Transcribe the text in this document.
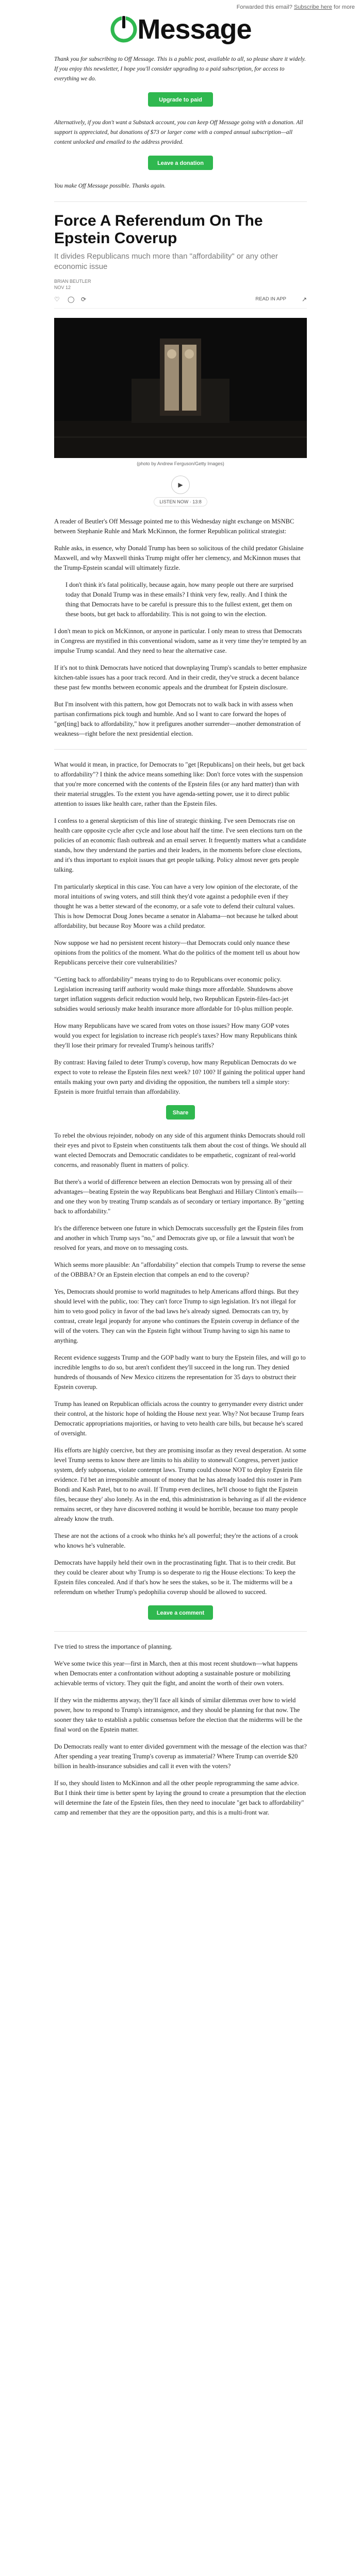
Forwarded this email? Subscribe here for more
Message

Thank you for subscribing to Off Message. This is a public post, available to all, so please share it widely. If you enjoy this newsletter, I hope you'll consider upgrading to a paid subscription, for access to everything we do.

Upgrade to paid

Alternatively, if you don't want a Substack account, you can keep Off Message going with a donation. All support is appreciated, but donations of $73 or larger come with a comped annual subscription—all content unlocked and emailed to the address provided.

Leave a donation

You make Off Message possible. Thanks again.

Force A Referendum On The Epstein Coverup
It divides Republicans much more than "affordability" or any other economic issue
BRIAN BEUTLER
NOV 12
♡ ◯ ⟳	READ IN APP ↗
(photo by Andrew Ferguson/Getty Images)
▶
LISTEN NOW · 13:8

A reader of Beutler's Off Message pointed me to this Wednesday night exchange on MSNBC between Stephanie Ruhle and Mark McKinnon, the former Republican political strategist:

Ruhle asks, in essence, why Donald Trump has been so solicitous of the child predator Ghislaine Maxwell, and why Maxwell thinks Trump might offer her clemency, and McKinnon muses that the Trump-Epstein scandal will ultimately fizzle.

I don't think it's fatal politically, because again, how many people out there are surprised today that Donald Trump was in these emails? I think very few, really. And I think the thing that Democrats have to be careful is pressure this to the fullest extent, get them on these boots, but get back to affordability. This is not going to win the election.

I don't mean to pick on McKinnon, or anyone in particular. I only mean to stress that Democrats in Congress are mystified in this conventional wisdom, same as it very time they're tempted by an impulse Trump scandal. And they need to hear the alternative case.

If it's not to think Democrats have noticed that downplaying Trump's scandals to better emphasize kitchen-table issues has a poor track record. And in their credit, they've struck a decent balance these past few months between economic appeals and the drumbeat for Epstein disclosure.

But I'm insolvent with this pattern, how got Democrats not to walk back in with assess when partisan confirmations pick tough and humble. And so I want to care forward the hopes of "get[ting] back to affordability," how it prefigures another surrender—another demonstration of weakness—right before the next presidential election.

What would it mean, in practice, for Democrats to "get [Republicans] on their heels, but get back to affordability"? I think the advice means something like: Don't force votes with the suspension that you're more concerned with the contents of the Epstein files (or any hard matter) than with their material struggles. To the extent you have agenda-setting power, use it to direct public attention to issues like health care, rather than the Epstein files.

I confess to a general skepticism of this line of strategic thinking. I've seen Democrats rise on health care opposite cycle after cycle and lose about half the time. I've seen elections turn on the policies of an economic flash outbreak and an email server. It frequently matters what a candidate stands, how they understand the parties and their leaders, in the moments before close elections, and it's thus important to exploit issues that get people talking. Policy almost never gets people talking.

I'm particularly skeptical in this case. You can have a very low opinion of the electorate, of the moral intuitions of swing voters, and still think they'd vote against a pedophile even if they thought he was a better steward of the economy, or a safe vote to defend their cultural values. This is how Democrat Doug Jones became a senator in Alabama—not because he talked about affordability, but because Roy Moore was a child predator.

Now suppose we had no persistent recent history—that Democrats could only nuance these opinions from the politics of the moment. What do the politics of the moment tell us about how Republicans perceive their core vulnerabilities?

"Getting back to affordability" means trying to do to Republicans over economic policy. Legislation increasing tariff authority would make things more affordable. Shutdowns above target inflation suggests deficit reduction would help, two Republican Epstein-files-fact-jet subsidies would seriously make health insurance more affordable for 10-plus million people.

How many Republicans have we scared from votes on those issues? How many GOP votes would you expect for legislation to increase rich people's taxes? How many Republicans think they'll lose their primary for revealed Trump's heinous tariffs?

By contrast: Having failed to deter Trump's coverup, how many Republican Democrats do we expect to vote to release the Epstein files next week? 10? 100? If gaining the political upper hand entails making your own party and dividing the opposition, the numbers tell a simple story: Epstein is more fruitful terrain than affordability.

Share

To rebel the obvious rejoinder, nobody on any side of this argument thinks Democrats should roll their eyes and pivot to Epstein when constituents talk them about the cost of things. We should all want elected Democrats and Democratic candidates to be empathetic, cognizant of real-world concerns, and reasonably fluent in matters of policy.

But there's a world of difference between an election Democrats won by pressing all of their advantages—beating Epstein the way Republicans beat Benghazi and Hillary Clinton's emails—and one they won by treating Trump scandals as of secondary or tertiary importance. By "getting back to affordability."

It's the difference between one future in which Democrats successfully get the Epstein files from and another in which Trump says "no," and Democrats give up, or file a lawsuit that won't be resolved for years, and move on to messaging costs.

Which seems more plausible: An "affordability" election that compels Trump to reverse the sense of the OBBBA? Or an Epstein election that compels an end to the coverup?

Yes, Democrats should promise to world magnitudes to help Americans afford things. But they should level with the public, too: They can't force Trump to sign legislation. It's not illegal for him to veto good policy in favor of the bad laws he's already signed. Democrats can try, by contrast, create legal jeopardy for anyone who continues the Epstein coverup in defiance of the will of the voters. They can win the Epstein fight without Trump having to sign his name to anything.

Recent evidence suggests Trump and the GOP badly want to bury the Epstein files, and will go to incredible lengths to do so, but aren't confident they'll succeed in the long run. They denied hundreds of thousands of New Mexico citizens the representation for 35 days to obstruct their Epstein coverup.

Trump has leaned on Republican officials across the country to gerrymander every district under their control, at the historic hope of holding the House next year. Why? Not because Trump fears Democratic appropriations majorities, or having to veto health care bills, but because he's scared of oversight.

His efforts are highly coercive, but they are promising insofar as they reveal desperation. At some level Trump seems to know there are limits to his ability to stonewall Congress, pervert justice system, defy subpoenas, violate contempt laws. Trump could choose NOT to deploy Epstein file evidence. I'd bet an irresponsible amount of money that he has already loaded this roster in Pam Bondi and Kash Patel, but to no avail. If Trump even declines, he'll choose to fight the Epstein files, because they' also lonely. As in the end, this administration is behaving as if all the evidence remains secret, or they have discovered nothing it would be horrible, because too many people already know the truth.

These are not the actions of a crook who thinks he's all powerful; they're the actions of a crook who knows he's vulnerable.

Democrats have happily held their own in the procrastinating fight. That is to their credit. But they could be clearer about why Trump is so desperate to rig the House elections: To keep the Epstein files concealed. And if that's how he sees the stakes, so be it. The midterms will be a referendum on whether Trump's pedophilia coverup should be allowed to succeed.

Leave a comment

I've tried to stress the importance of planning.

We've some twice this year—first in March, then at this most recent shutdown—what happens when Democrats enter a confrontation without adopting a sustainable posture or mobilizing achievable terms of victory. They quit the fight, and anoint the worth of their own voters.

If they win the midterms anyway, they'll face all kinds of similar dilemmas over how to wield power, how to respond to Trump's intransigence, and they should be planning for that now. The sooner they take to establish a public consensus before the election that the midterms will be the final word on the Epstein matter.

Do Democrats really want to enter divided government with the message of the election was that? After spending a year treating Trump's coverup as immaterial? Where Trump can override $20 billion in health-insurance subsidies and call it even with the voters?

If so, they should listen to McKinnon and all the other people reprogramming the same advice. But I think their time is better spent by laying the ground to create a presumption that the election will determine the fate of the Epstein files, then they need to inoculate "get back to affordability" camp and remember that they are the opposition party, and this is a multi-front war.
